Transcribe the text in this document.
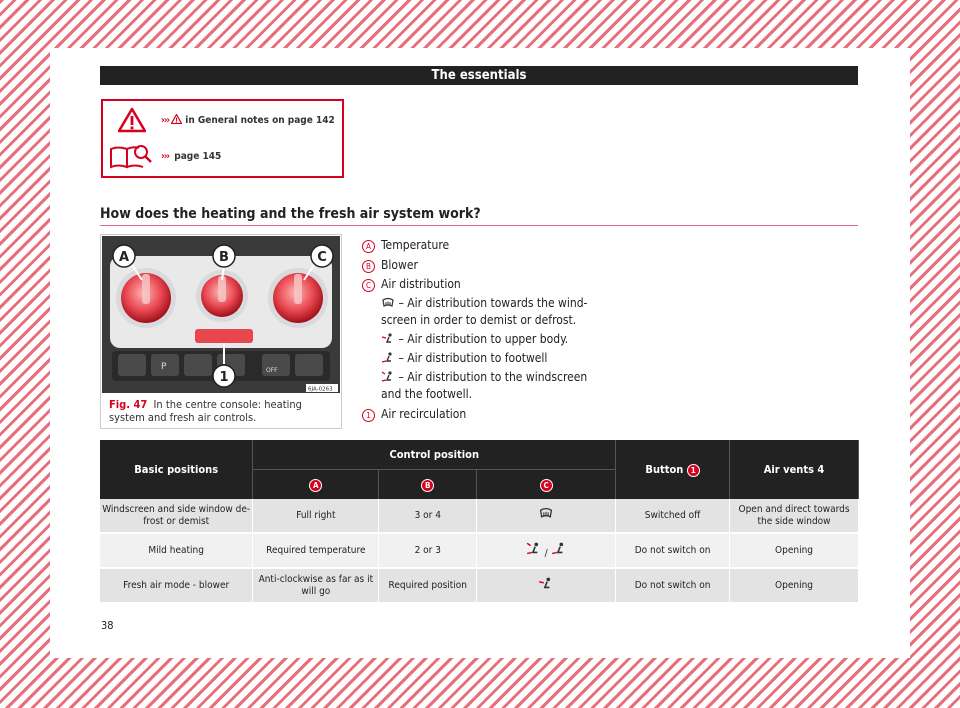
The essentials
››› in General notes on page 142
››› page 145
How does the heating and the fresh air system work?
P	OFF
A	B	C
1
6JA-0263
Fig. 47 In the centre console: heating system and fresh air controls.
A Temperature
B Blower
C Air distribution
– Air distribution towards the wind-screen in order to demist or defrost.
– Air distribution to upper body.
– Air distribution to footwell
– Air distribution to the windscreen and the footwell.
1 Air recirculation
Basic positions	Control position			Button 1	Air vents 4
	A	B	C		
Windscreen and side window de-frost or demist	Full right	3 or 4		Switched off	Open and direct towards the side window
Mild heating	Required temperature	2 or 3	/	Do not switch on	Opening
Fresh air mode - blower	Anti-clockwise as far as it will go	Required position		Do not switch on	Opening
38
